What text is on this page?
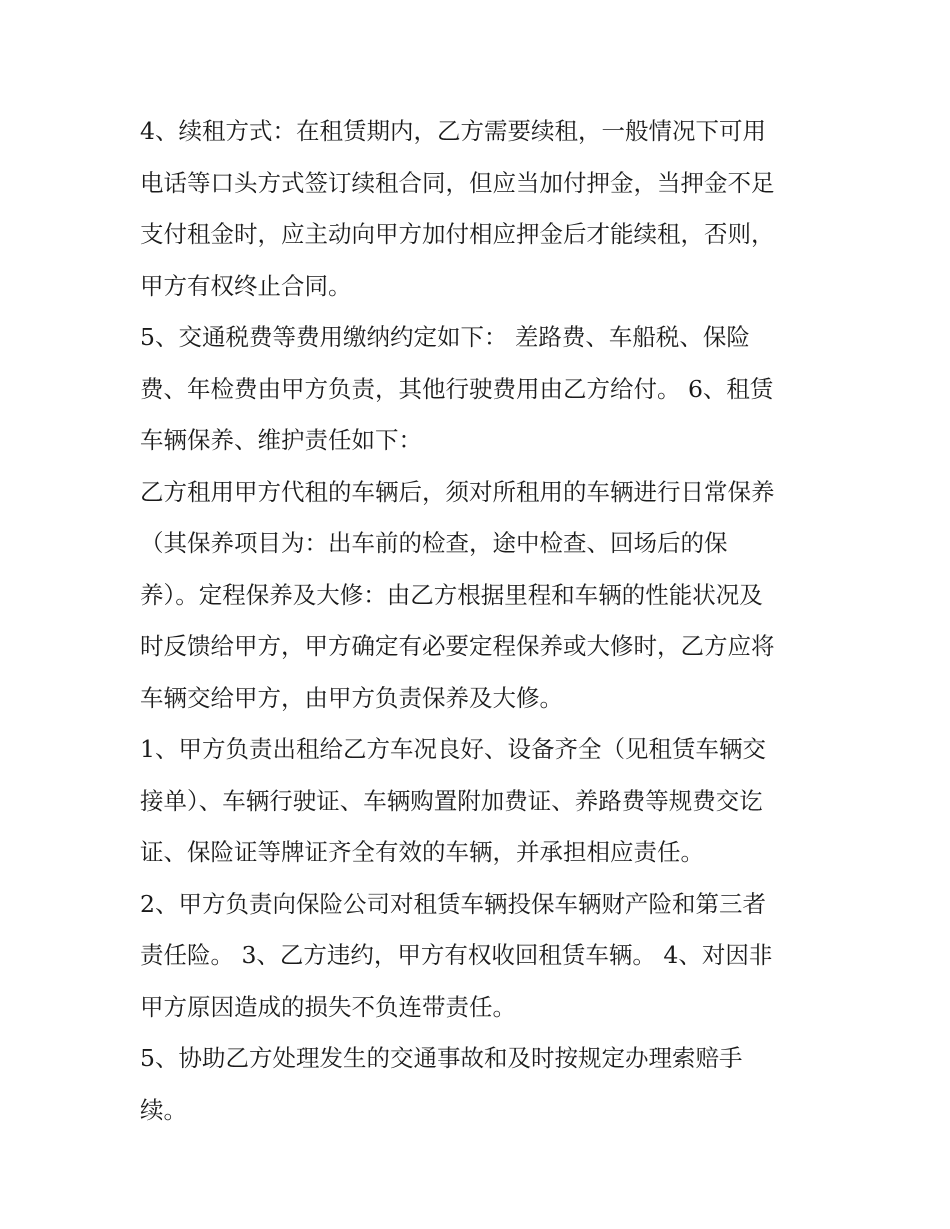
4、续租方式：在租赁期内，乙方需要续租，一般情况下可用
电话等口头方式签订续租合同，但应当加付押金，当押金不足
支付租金时，应主动向甲方加付相应押金后才能续租，否则，
甲方有权终止合同。
5、交通税费等费用缴纳约定如下： 差路费、车船税、保险
费、年检费由甲方负责，其他行驶费用由乙方给付。 6、租赁
车辆保养、维护责任如下：
乙方租用甲方代租的车辆后，须对所租用的车辆进行日常保养
（其保养项目为：出车前的检查，途中检查、回场后的保
养）。定程保养及大修：由乙方根据里程和车辆的性能状况及
时反馈给甲方，甲方确定有必要定程保养或大修时，乙方应将
车辆交给甲方，由甲方负责保养及大修。
1、甲方负责出租给乙方车况良好、设备齐全（见租赁车辆交
接单）、车辆行驶证、车辆购置附加费证、养路费等规费交讫
证、保险证等牌证齐全有效的车辆，并承担相应责任。
2、甲方负责向保险公司对租赁车辆投保车辆财产险和第三者
责任险。 3、乙方违约，甲方有权收回租赁车辆。 4、对因非
甲方原因造成的损失不负连带责任。
5、协助乙方处理发生的交通事故和及时按规定办理索赔手
续。
